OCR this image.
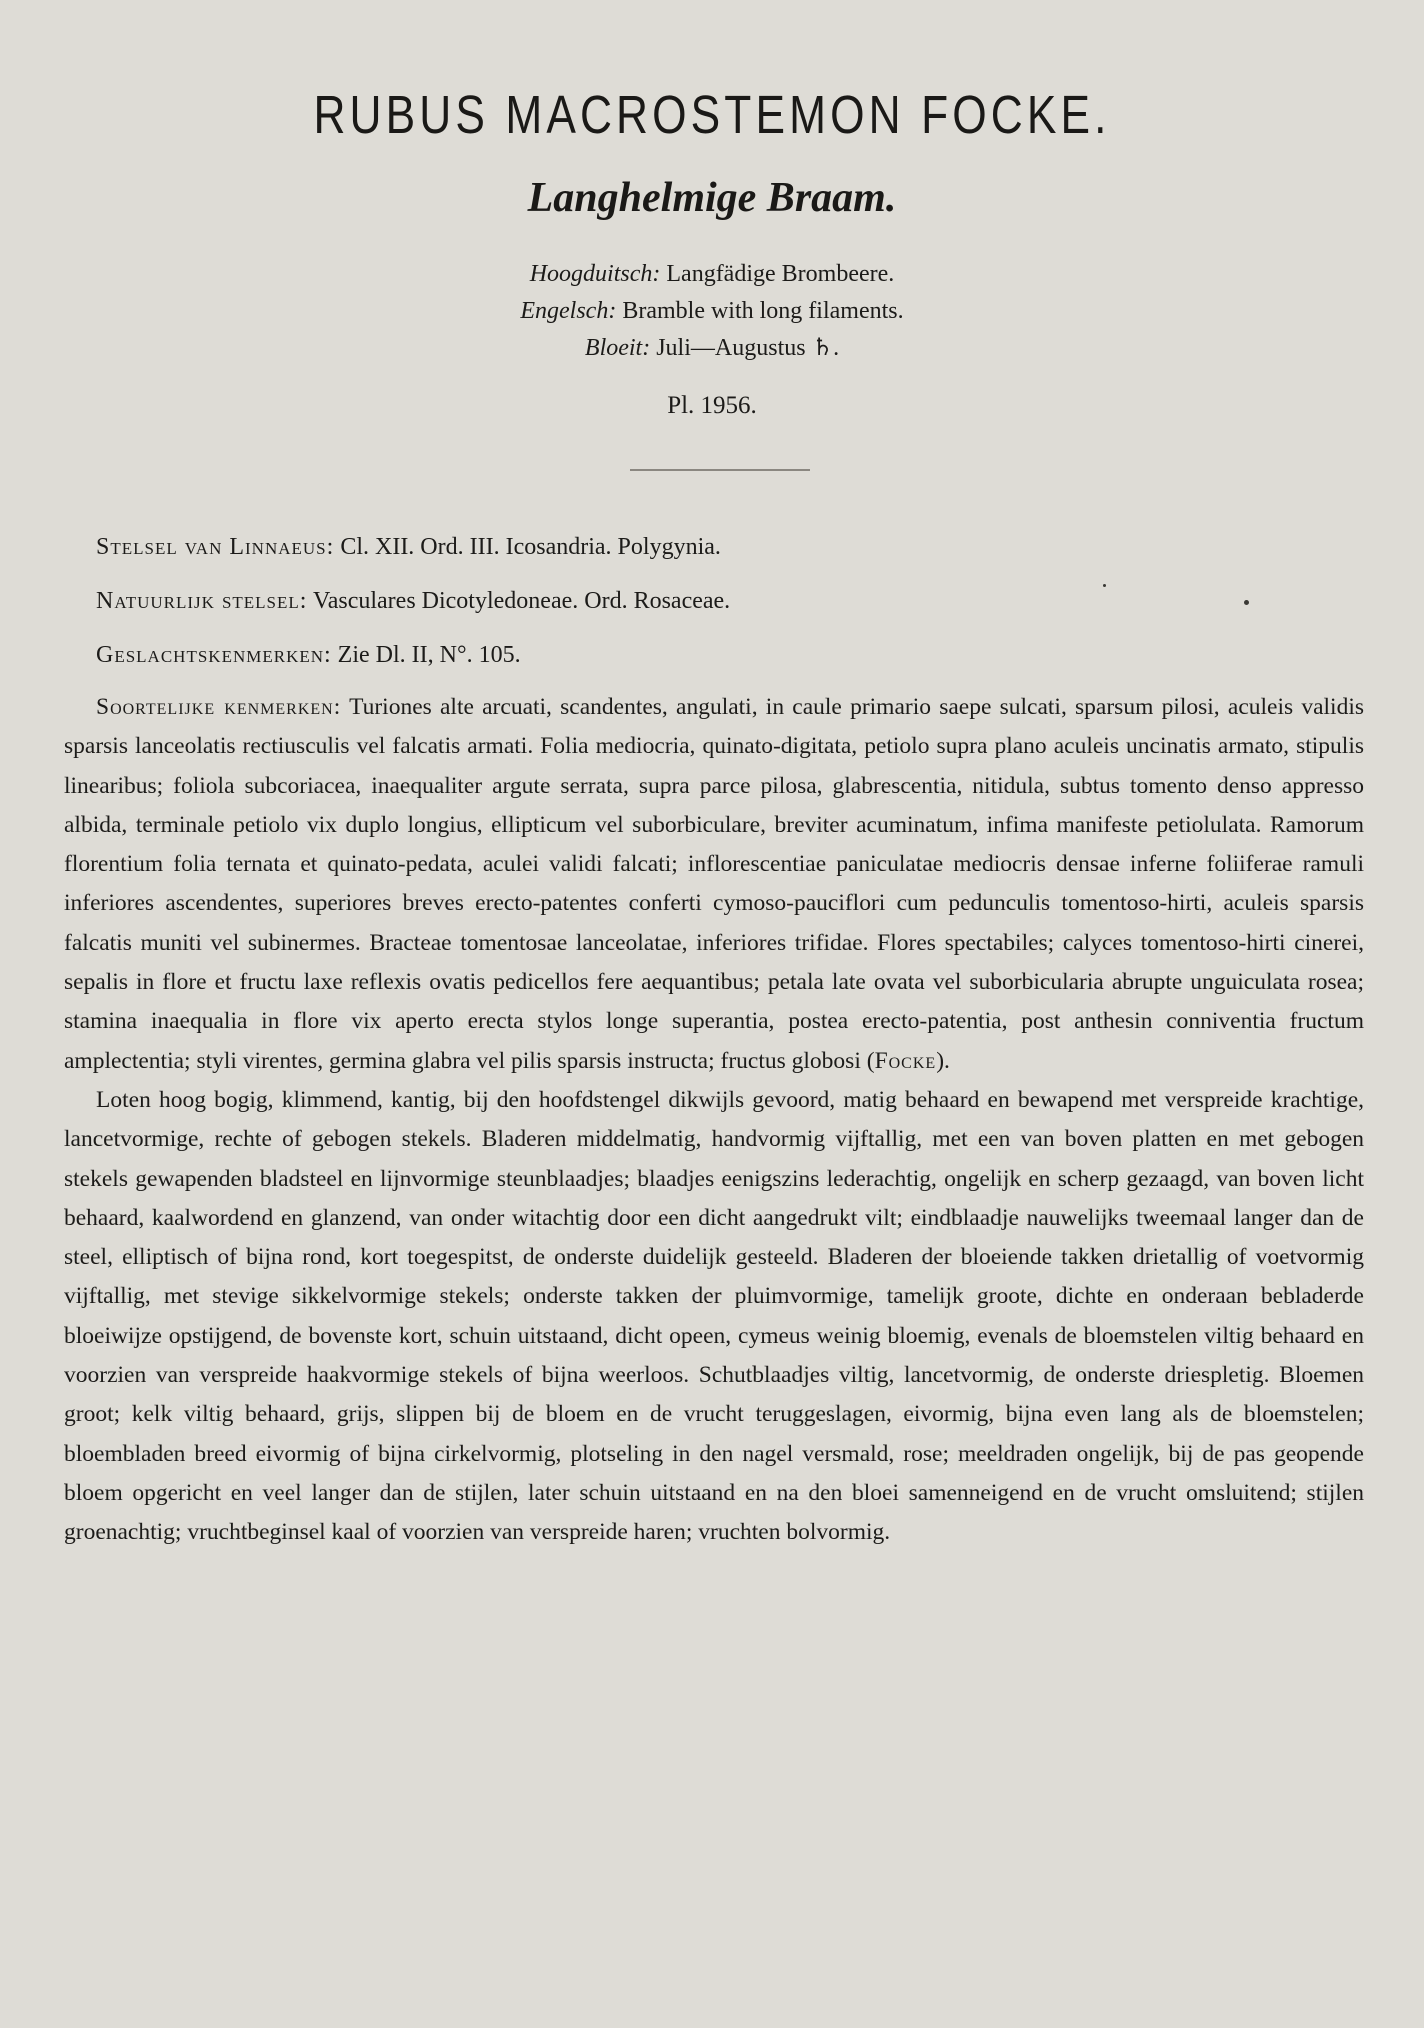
RUBUS MACROSTEMON FOCKE.
Langhelmige Braam.
Hoogduitsch: Langfädige Brombeere.
Engelsch: Bramble with long filaments.
Bloeit: Juli—Augustus ♄.
Pl. 1956.
Stelsel van Linnaeus: Cl. XII. Ord. III. Icosandria. Polygynia.
Natuurlijk stelsel: Vasculares Dicotyledoneae. Ord. Rosaceae.
Geslachtskenmerken: Zie Dl. II, N°. 105.

Soortelijke kenmerken: Turiones alte arcuati, scandentes, angulati, in caule primario saepe sulcati, sparsum pilosi, aculeis validis sparsis lanceolatis rectiusculis vel falcatis armati. Folia mediocria, quinato-digitata, petiolo supra plano aculeis uncinatis armato, stipulis linearibus; foliola subcoriacea, inaequaliter argute serrata, supra parce pilosa, glabrescentia, nitidula, subtus tomento denso appresso albida, terminale petiolo vix duplo longius, ellipticum vel suborbiculare, breviter acuminatum, infima manifeste petiolulata. Ramorum florentium folia ternata et quinato-pedata, aculei validi falcati; inflorescentiae paniculatae mediocris densae inferne foliiferae ramuli inferiores ascendentes, superiores breves erecto-patentes conferti cymoso-pauciflori cum pedunculis tomentoso-hirti, aculeis sparsis falcatis muniti vel subinermes. Bracteae tomentosae lanceolatae, inferiores trifidae. Flores spectabiles; calyces tomentoso-hirti cinerei, sepalis in flore et fructu laxe reflexis ovatis pedicellos fere aequantibus; petala late ovata vel suborbicularia abrupte unguiculata rosea; stamina inaequalia in flore vix aperto erecta stylos longe superantia, postea erecto-patentia, post anthesin conniventia fructum amplectentia; styli virentes, germina glabra vel pilis sparsis instructa; fructus globosi (Focke).

Loten hoog bogig, klimmend, kantig, bij den hoofdstengel dikwijls gevoord, matig behaard en bewapend met verspreide krachtige, lancetvormige, rechte of gebogen stekels. Bladeren middelmatig, handvormig vijftallig, met een van boven platten en met gebogen stekels gewapenden bladsteel en lijnvormige steunblaadjes; blaadjes eenigszins lederachtig, ongelijk en scherp gezaagd, van boven licht behaard, kaalwordend en glanzend, van onder witachtig door een dicht aangedrukt vilt; eindblaadje nauwelijks tweemaal langer dan de steel, elliptisch of bijna rond, kort toegespitst, de onderste duidelijk gesteeld. Bladeren der bloeiende takken drietallig of voetvormig vijftallig, met stevige sikkelvormige stekels; onderste takken der pluimvormige, tamelijk groote, dichte en onderaan bebladerde bloeiwijze opstijgend, de bovenste kort, schuin uitstaand, dicht opeen, cymeus weinig bloemig, evenals de bloemstelen viltig behaard en voorzien van verspreide haakvormige stekels of bijna weerloos. Schutblaadjes viltig, lancetvormig, de onderste driespletig. Bloemen groot; kelk viltig behaard, grijs, slippen bij de bloem en de vrucht teruggeslagen, eivormig, bijna even lang als de bloemstelen; bloembladen breed eivormig of bijna cirkelvormig, plotseling in den nagel versmald, rose; meeldraden ongelijk, bij de pas geopende bloem opgericht en veel langer dan de stijlen, later schuin uitstaand en na den bloei samenneigend en de vrucht omsluitend; stijlen groenachtig; vruchtbeginsel kaal of voorzien van verspreide haren; vruchten bolvormig.
